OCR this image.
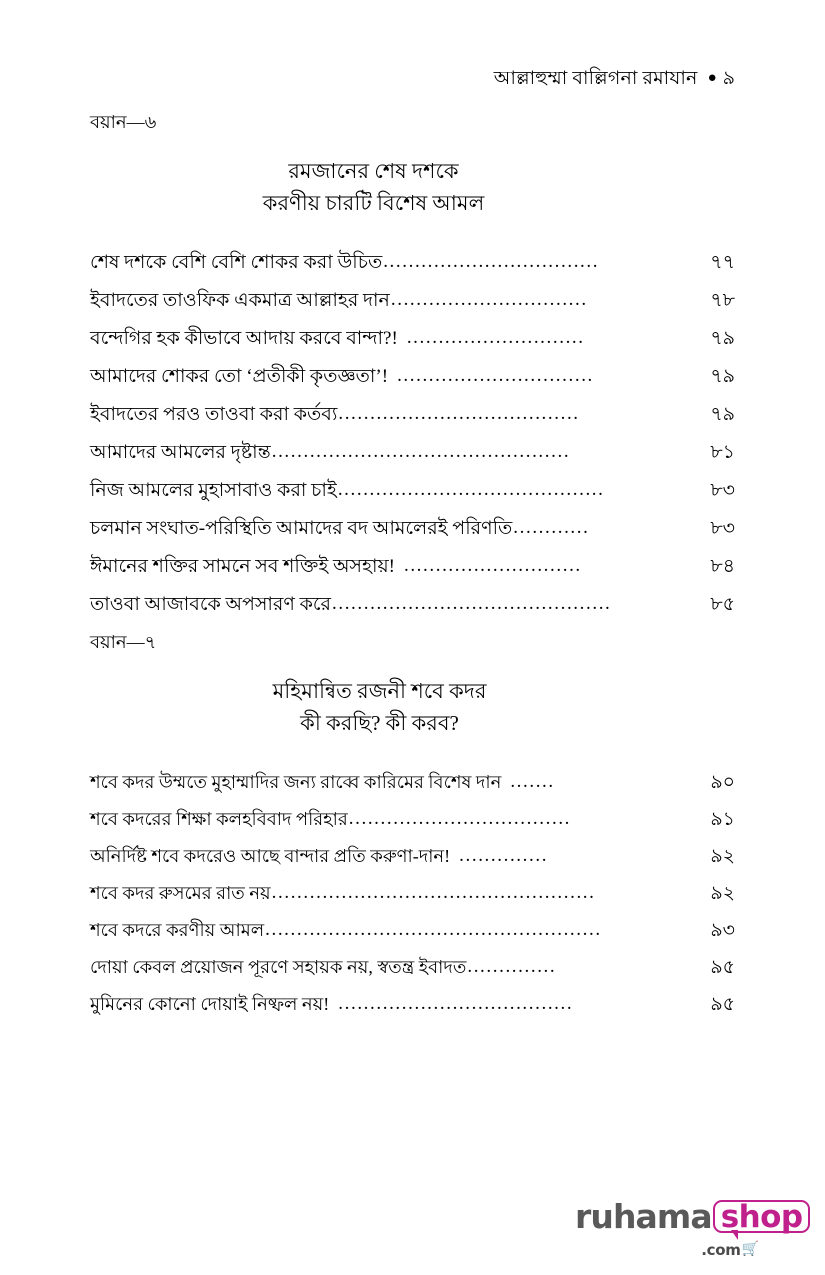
আল্লাহুম্মা বাল্লিগনা রমাযান ● ৯
বয়ান—৬
রমজানের শেষ দশকে
করণীয় চারটি বিশেষ আমল
শেষ দশকে বেশি বেশি শোকর করা উচিত ..................................	৭৭
ইবাদতের তাওফিক একমাত্র আল্লাহর দান ...............................	৭৮
বন্দেগির হক কীভাবে আদায় করবে বান্দা?! ............................	৭৯
আমাদের শোকর তো ‘প্রতীকী কৃতজ্ঞতা’! ...............................	৭৯
ইবাদতের পরও তাওবা করা কর্তব্য ......................................	৭৯
আমাদের আমলের দৃষ্টান্ত ...............................................	৮১
নিজ আমলের মুহাসাবাও করা চাই ..........................................	৮৩
চলমান সংঘাত-পরিস্থিতি আমাদের বদ আমলেরই পরিণতি ............	৮৩
ঈমানের শক্তির সামনে সব শক্তিই অসহায়! ............................	৮৪
তাওবা আজাবকে অপসারণ করে ............................................	৮৫
বয়ান—৭
মহিমান্বিত রজনী শবে কদর
কী করছি? কী করব?
শবে কদর উম্মতে মুহাম্মাদির জন্য রাব্বে কারিমের বিশেষ দান .......	৯০
শবে কদরের শিক্ষা কলহবিবাদ পরিহার ...................................	৯১
অনির্দিষ্ট শবে কদরেও আছে বান্দার প্রতি করুণা-দান! ..............	৯২
শবে কদর রুসমের রাত নয় ...................................................	৯২
শবে কদরে করণীয় আমল .....................................................	৯৩
দোয়া কেবল প্রয়োজন পূরণে সহায়ক নয়, স্বতন্ত্র ইবাদত ..............	৯৫
মুমিনের কোনো দোয়াই নিষ্ফল নয়! .....................................	৯৫
ruhama shop
.com 🛒
